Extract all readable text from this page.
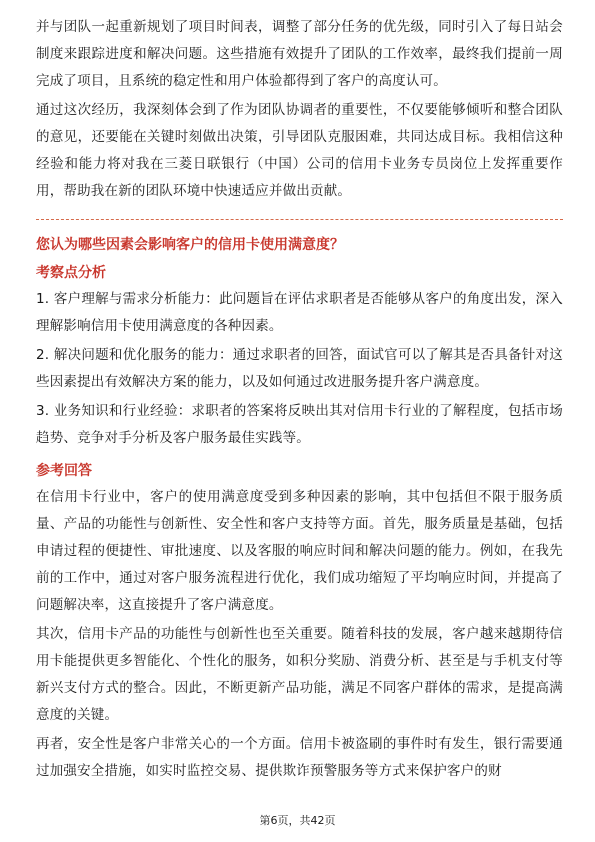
并与团队一起重新规划了项目时间表，调整了部分任务的优先级，同时引入了每日站会制度来跟踪进度和解决问题。这些措施有效提升了团队的工作效率，最终我们提前一周完成了项目，且系统的稳定性和用户体验都得到了客户的高度认可。

通过这次经历，我深刻体会到了作为团队协调者的重要性，不仅要能够倾听和整合团队的意见，还要能在关键时刻做出决策，引导团队克服困难，共同达成目标。我相信这种经验和能力将对我在三菱日联银行（中国）公司的信用卡业务专员岗位上发挥重要作用，帮助我在新的团队环境中快速适应并做出贡献。

您认为哪些因素会影响客户的信用卡使用满意度？

考察点分析

1. 客户理解与需求分析能力：此问题旨在评估求职者是否能够从客户的角度出发，深入理解影响信用卡使用满意度的各种因素。

2. 解决问题和优化服务的能力：通过求职者的回答，面试官可以了解其是否具备针对这些因素提出有效解决方案的能力，以及如何通过改进服务提升客户满意度。

3. 业务知识和行业经验：求职者的答案将反映出其对信用卡行业的了解程度，包括市场趋势、竞争对手分析及客户服务最佳实践等。

参考回答

在信用卡行业中，客户的使用满意度受到多种因素的影响，其中包括但不限于服务质量、产品的功能性与创新性、安全性和客户支持等方面。首先，服务质量是基础，包括申请过程的便捷性、审批速度、以及客服的响应时间和解决问题的能力。例如，在我先前的工作中，通过对客户服务流程进行优化，我们成功缩短了平均响应时间，并提高了问题解决率，这直接提升了客户满意度。

其次，信用卡产品的功能性与创新性也至关重要。随着科技的发展，客户越来越期待信用卡能提供更多智能化、个性化的服务，如积分奖励、消费分析、甚至是与手机支付等新兴支付方式的整合。因此，不断更新产品功能，满足不同客户群体的需求，是提高满意度的关键。

再者，安全性是客户非常关心的一个方面。信用卡被盗刷的事件时有发生，银行需要通过加强安全措施，如实时监控交易、提供欺诈预警服务等方式来保护客户的财

第6页，共42页
